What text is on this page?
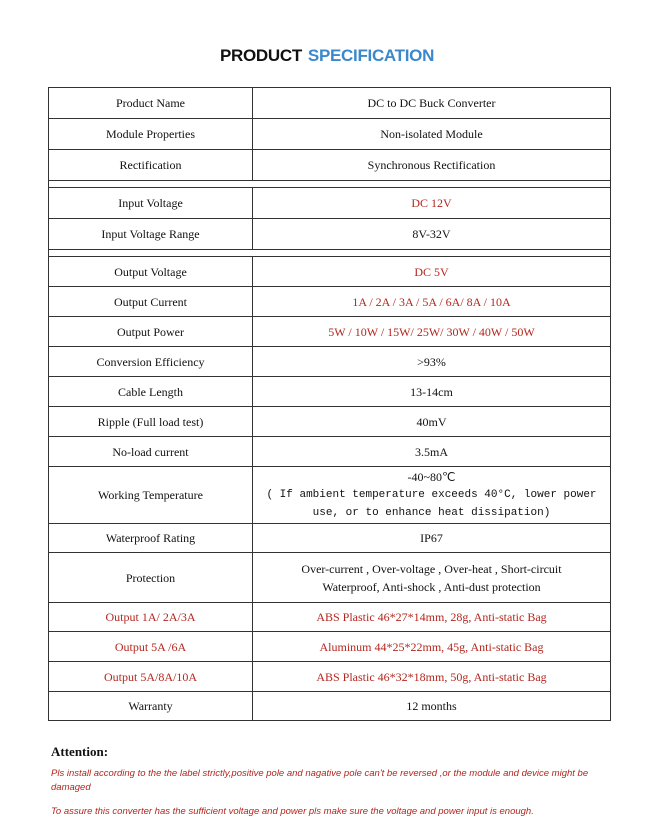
PRODUCT SPECIFICATION
Product Name	DC to DC Buck Converter
Module Properties	Non-isolated Module
Rectification	Synchronous Rectification

Input Voltage	DC 12V
Input Voltage Range	8V-32V

Output Voltage	DC 5V
Output Current	1A / 2A / 3A / 5A / 6A/ 8A / 10A
Output Power	5W / 10W / 15W/ 25W/ 30W / 40W / 50W
Conversion Efficiency	>93%
Cable Length	13-14cm
Ripple (Full load test)	40mV
No-load current	3.5mA
Working Temperature	-40~80℃
( If ambient temperature exceeds 40°C, lower power use, or to enhance heat dissipation)

Waterproof Rating	IP67
Protection	Over-current , Over-voltage , Over-heat , Short-circuit
Waterproof, Anti-shock , Anti-dust protection

Output 1A/ 2A/3A	ABS Plastic 46*27*14mm, 28g, Anti-static Bag
Output 5A /6A	Aluminum 44*25*22mm, 45g, Anti-static Bag
Output 5A/8A/10A	ABS Plastic 46*32*18mm, 50g, Anti-static Bag
Warranty	12 months
Attention:
Pls install according to the the label strictly,positive pole and nagative pole can't be reversed ,or the module and device might be damaged
To assure this converter has the sufficient voltage and power pls make sure the voltage and power input is enough.
